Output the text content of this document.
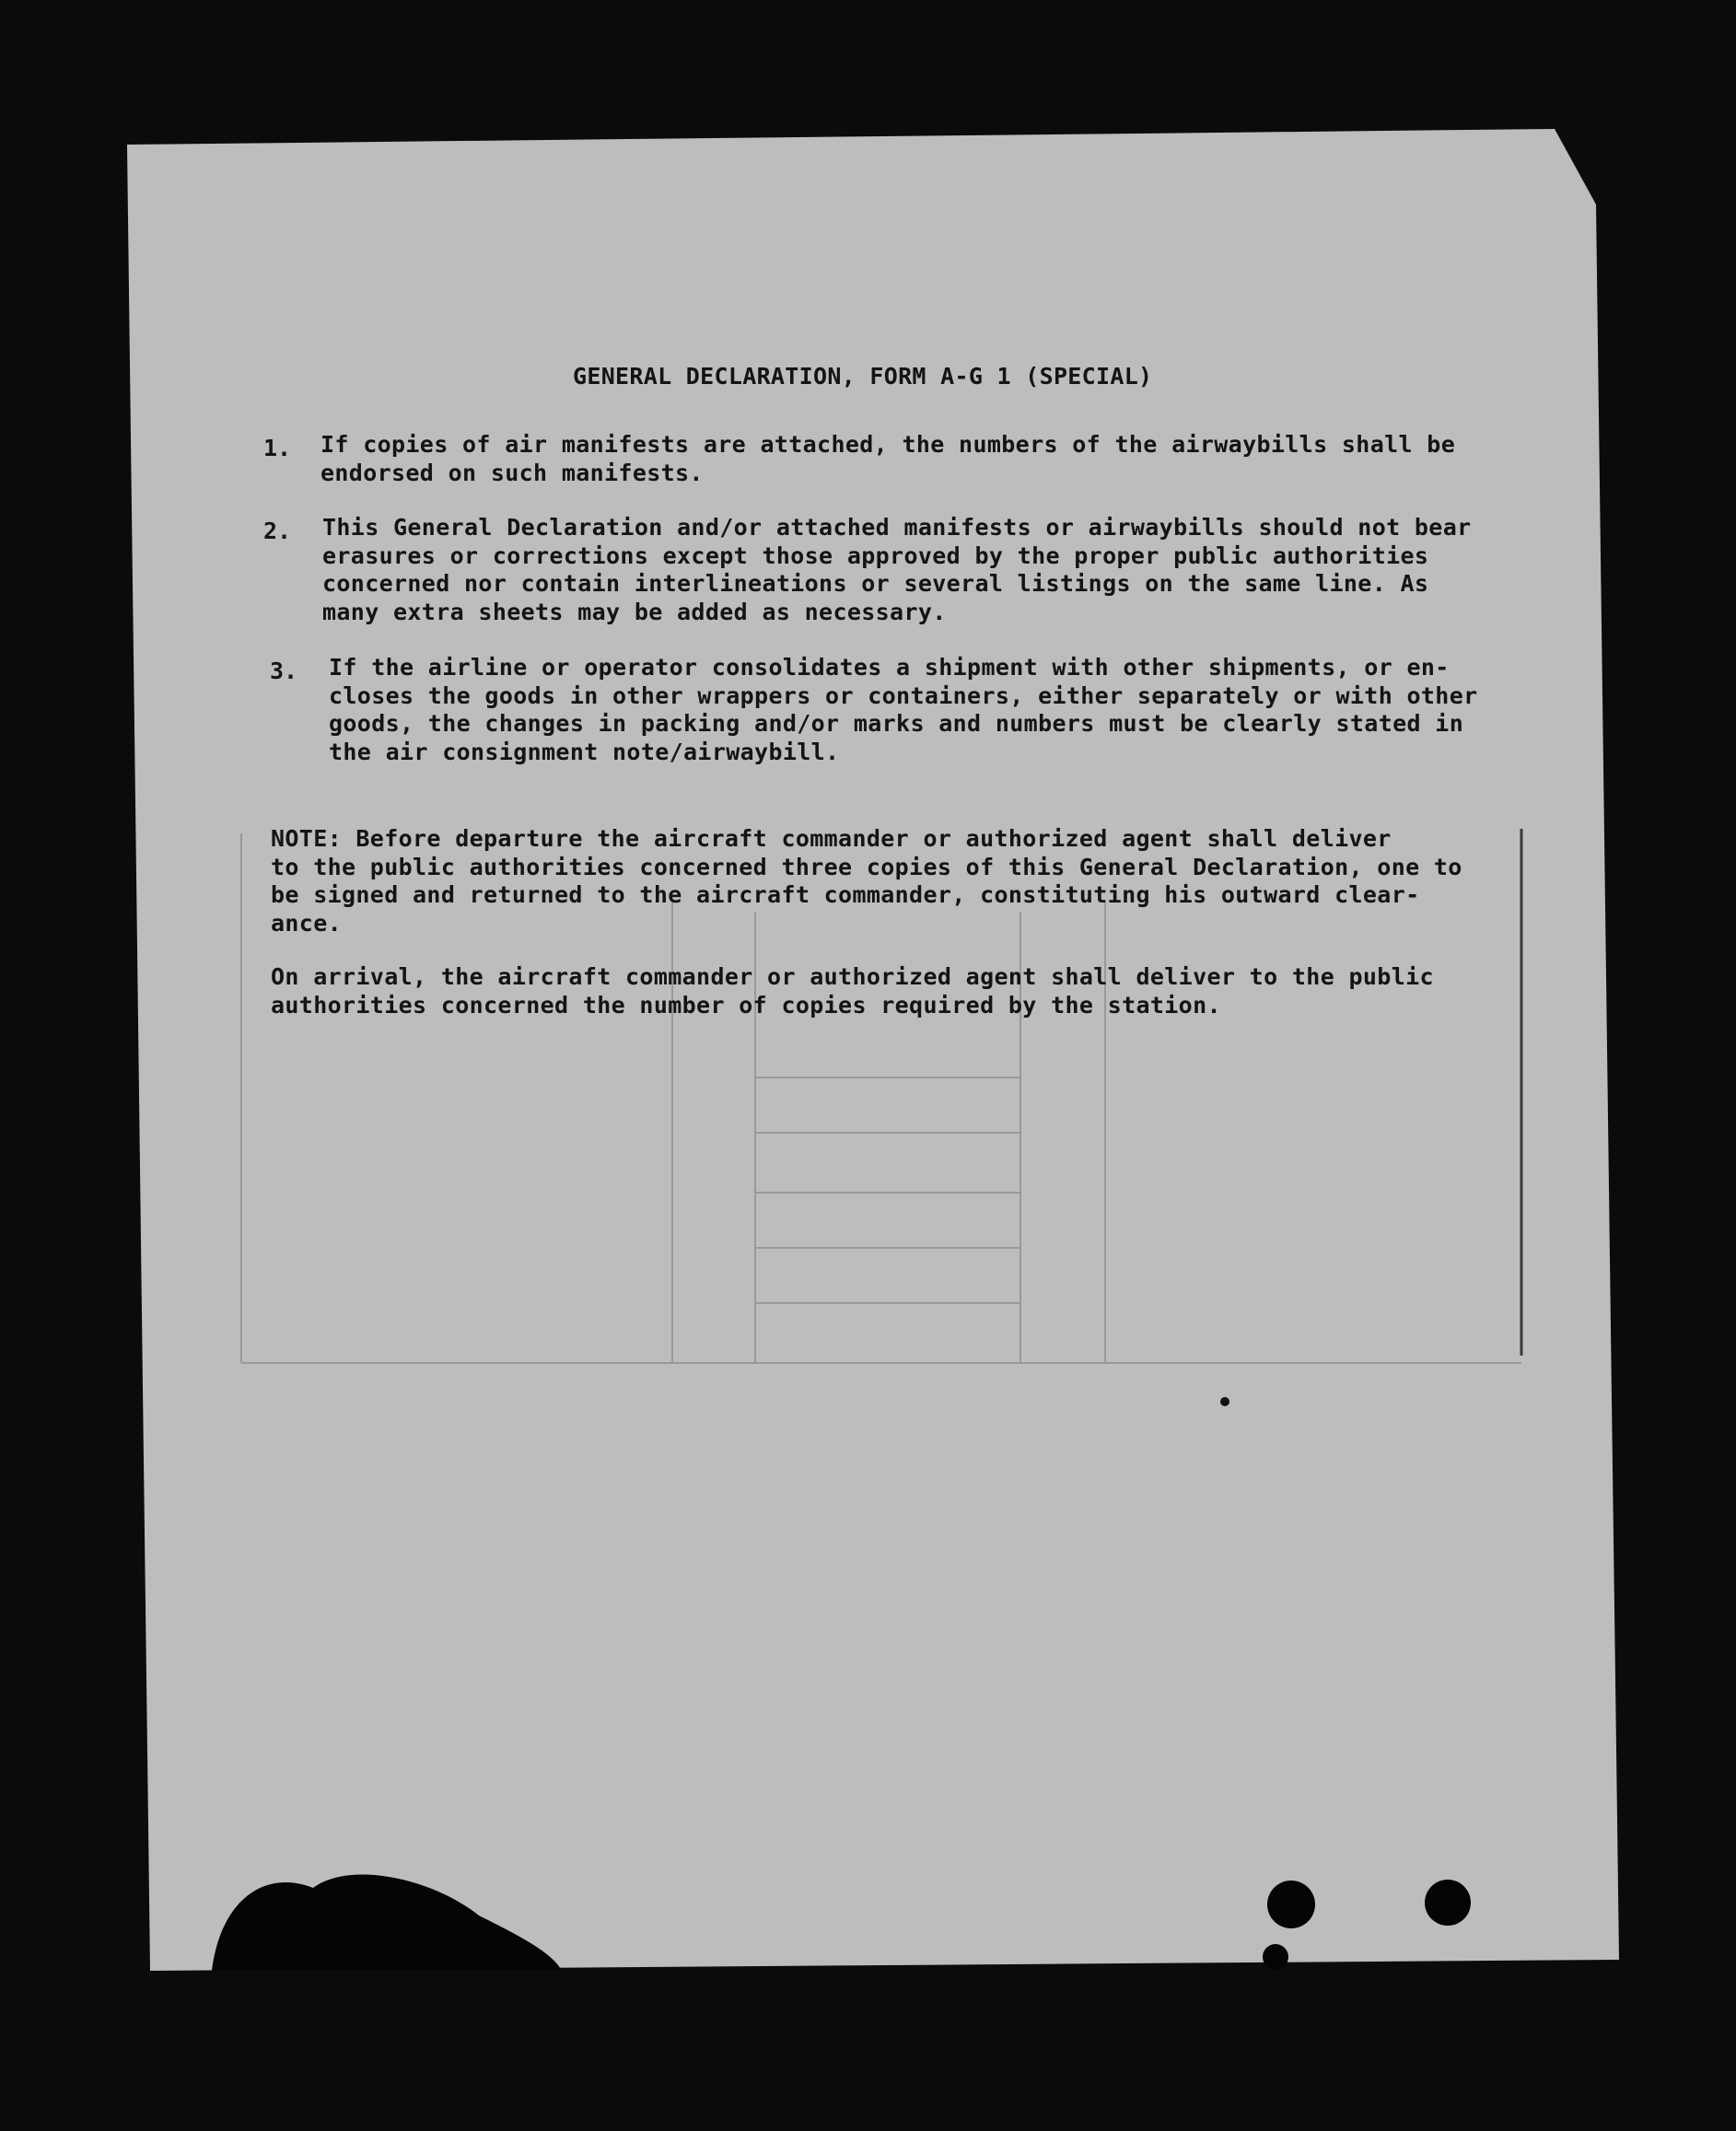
GENERAL DECLARATION, FORM A-G 1 (SPECIAL)
1. If copies of air manifests are attached, the numbers of the airwaybills shall be
endorsed on such manifests.
2. This General Declaration and/or attached manifests or airwaybills should not bear
erasures or corrections except those approved by the proper public authorities
concerned nor contain interlineations or several listings on the same line. As
many extra sheets may be added as necessary.
3. If the airline or operator consolidates a shipment with other shipments, or en-
closes the goods in other wrappers or containers, either separately or with other
goods, the changes in packing and/or marks and numbers must be clearly stated in
the air consignment note/airwaybill.
NOTE: Before departure the aircraft commander or authorized agent shall deliver
to the public authorities concerned three copies of this General Declaration, one to
be signed and returned to the aircraft commander, constituting his outward clear-
ance.
On arrival, the aircraft commander or authorized agent shall deliver to the public
authorities concerned the number of copies required by the station.
